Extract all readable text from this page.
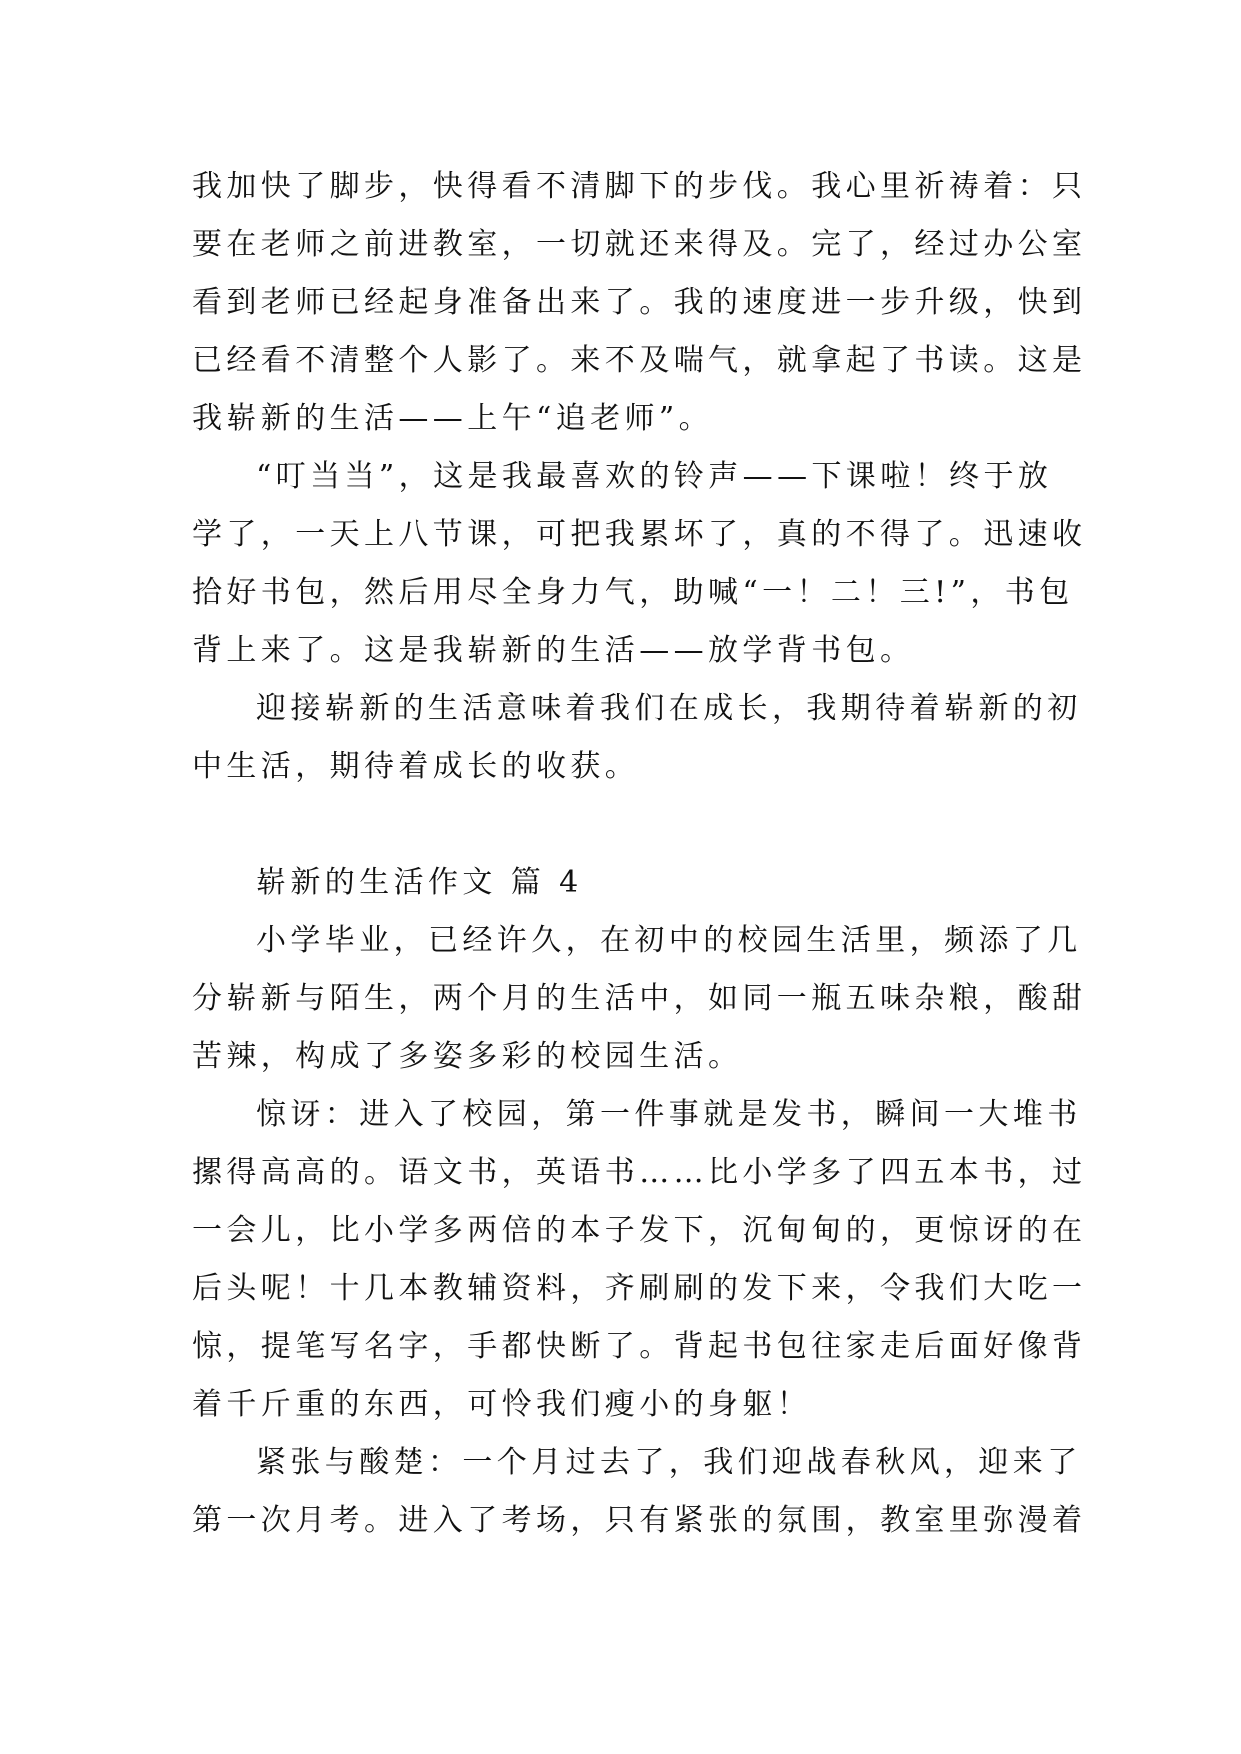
我加快了脚步，快得看不清脚下的步伐。我心里祈祷着：只
要在老师之前进教室，一切就还来得及。完了，经过办公室
看到老师已经起身准备出来了。我的速度进一步升级，快到
已经看不清整个人影了。来不及喘气，就拿起了书读。这是
我崭新的生活——上午“追老师”。
“叮当当”，这是我最喜欢的铃声——下课啦！终于放
学了，一天上八节课，可把我累坏了，真的不得了。迅速收
拾好书包，然后用尽全身力气，助喊“一！二！三!”，书包
背上来了。这是我崭新的生活——放学背书包。
迎接崭新的生活意味着我们在成长，我期待着崭新的初
中生活，期待着成长的收获。
崭新的生活作文 篇 4
小学毕业，已经许久，在初中的校园生活里，频添了几
分崭新与陌生，两个月的生活中，如同一瓶五味杂粮，酸甜
苦辣，构成了多姿多彩的校园生活。
惊讶：进入了校园，第一件事就是发书，瞬间一大堆书
摞得高高的。语文书，英语书……比小学多了四五本书，过
一会儿，比小学多两倍的本子发下，沉甸甸的，更惊讶的在
后头呢！十几本教辅资料，齐刷刷的发下来，令我们大吃一
惊，提笔写名字，手都快断了。背起书包往家走后面好像背
着千斤重的东西，可怜我们瘦小的身躯！
紧张与酸楚：一个月过去了，我们迎战春秋风，迎来了
第一次月考。进入了考场，只有紧张的氛围，教室里弥漫着
